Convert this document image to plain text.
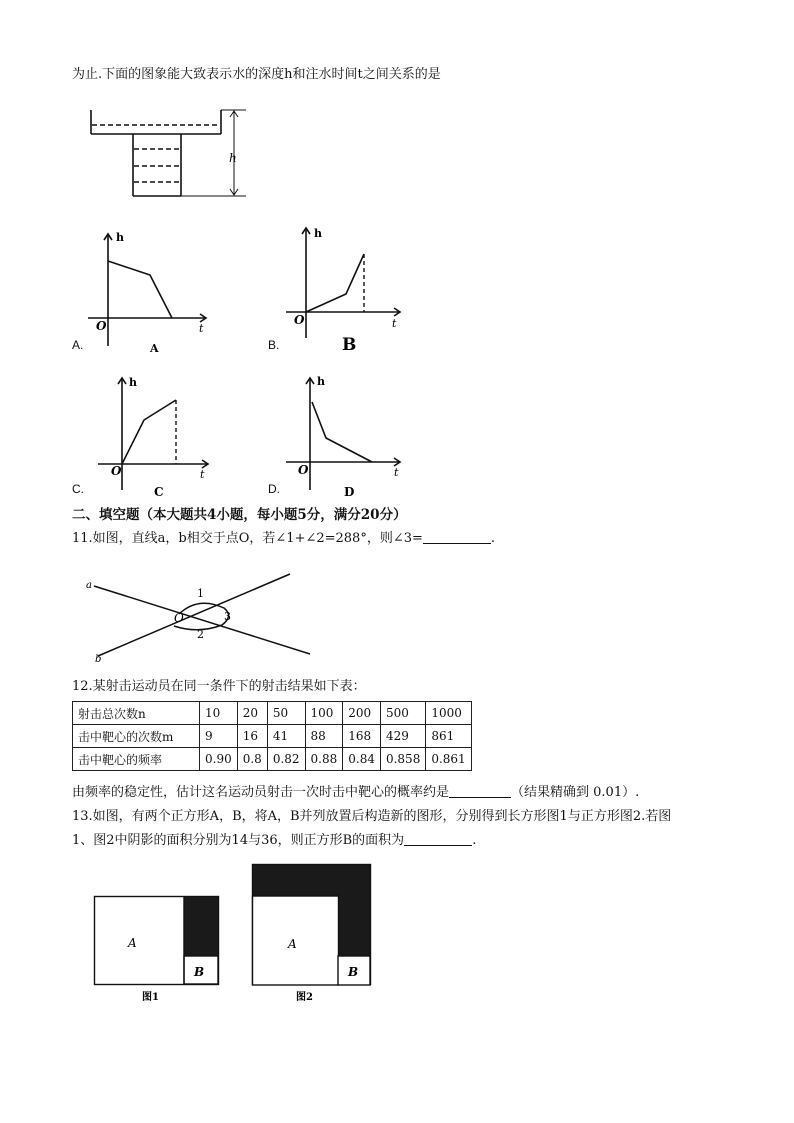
为止.下面的图象能大致表示水的深度h和注水时间t之间关系的是
h
h
t
O
A
A.
h
t
O
B
B.
h
t
O
C
C.
h
t
O
D
D.
二、填空题（本大题共4小题，每小题5分，满分20分）
11.如图，直线a，b相交于点O，若∠1+∠2=288°，则∠3=	.
a
b
O
1
2
3
12.某射击运动员在同一条件下的射击结果如下表：
射击总次数n	10	20	50	100	200	500	1000
击中靶心的次数m	9	16	41	88	168	429	861
击中靶心的频率	0.90	0.8	0.82	0.88	0.84	0.858	0.861
由频率的稳定性，估计这名运动员射击一次时击中靶心的概率约是	（结果精确到 0.01）.
13.如图，有两个正方形A，B，将A，B并列放置后构造新的图形，分别得到长方形图1与正方形图2.若图
1、图2中阴影的面积分别为14与36，则正方形B的面积为	.
A
B
图1
A
B
图2
